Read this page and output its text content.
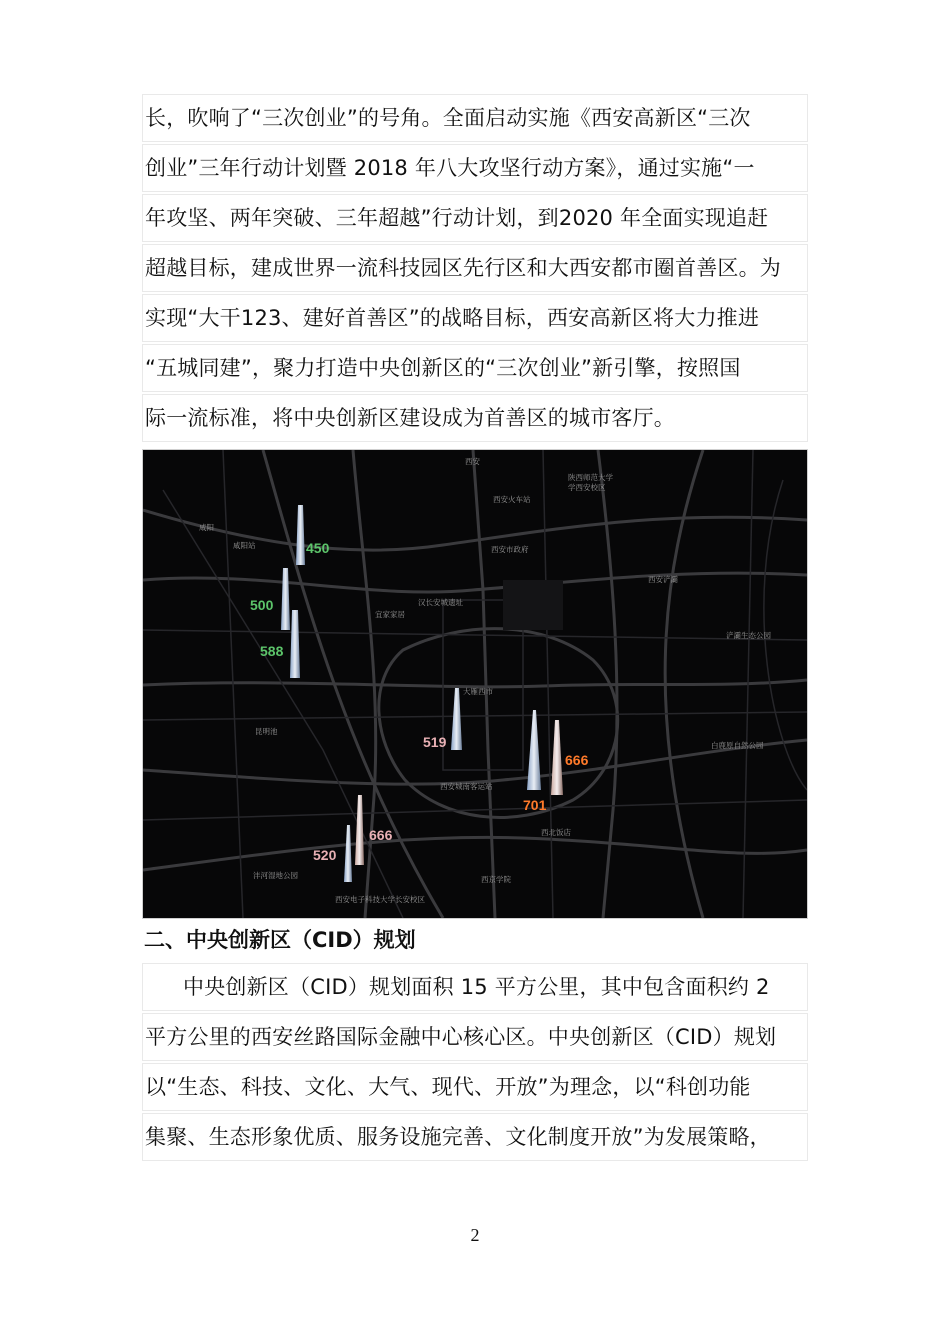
长，吹响了“三次创业”的号角。全面启动实施《西安高新区“三次
创业”三年行动计划暨 2018 年八大攻坚行动方案》，通过实施“一
年攻坚、两年突破、三年超越”行动计划，到2020 年全面实现追赶
超越目标，建成世界一流科技园区先行区和大西安都市圈首善区。为
实现“大干123、建好首善区”的战略目标，西安高新区将大力推进
“五城同建”，聚力打造中央创新区的“三次创业”新引擎，按照国
际一流标准，将中央创新区建设成为首善区的城市客厅。
450
500
588
519
666
701
666
520
西安
陕西师范大学
学西安校区
西安火车站
咸阳
咸阳站	西安市政府
汉长安城遗址
西安浐灞
浐灞生态公园
宜家家居
大雁西市
昆明池
西安城南客运站
西北饭店
白鹿原自然公园
沣河湿地公园
西安电子科技大学长安校区
西京学院
二、中央创新区（CID）规划
中央创新区（CID）规划面积 15 平方公里，其中包含面积约 2
平方公里的西安丝路国际金融中心核心区。中央创新区（CID）规划
以“生态、科技、文化、大气、现代、开放”为理念，以“科创功能
集聚、生态形象优质、服务设施完善、文化制度开放”为发展策略，
2
